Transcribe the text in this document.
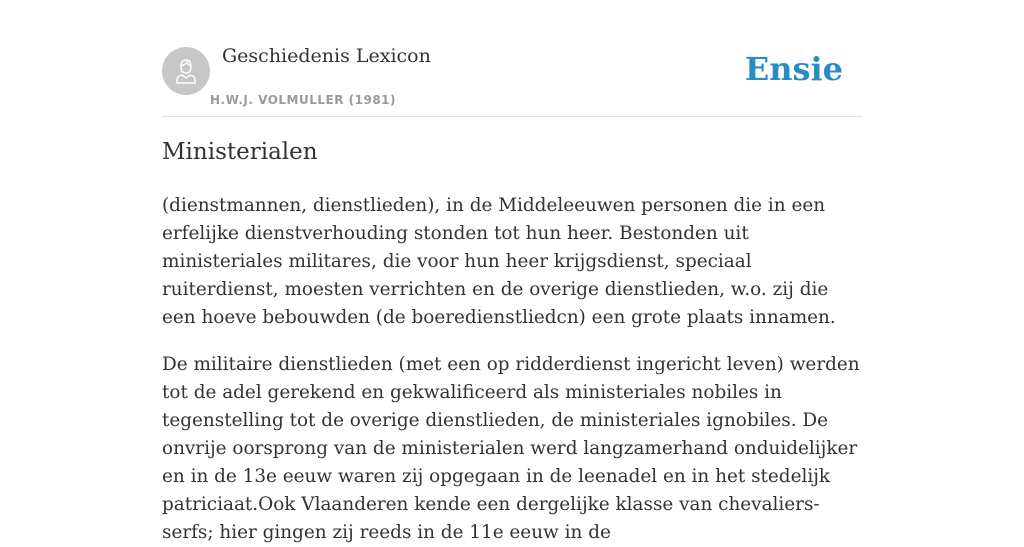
Geschiedenis Lexicon
H.W.J. VOLMULLER (1981)
Ensie
Ministerialen

(dienstmannen, dienstlieden), in de Middeleeuwen personen die in een erfelijke dienstverhouding stonden tot hun heer. Bestonden uit ministeriales militares, die voor hun heer krijgsdienst, speciaal ruiterdienst, moesten verrichten en de overige dienstlieden, w.o. zij die een hoeve bebouwden (de boeredienstliedcn) een grote plaats innamen.

De militaire dienstlieden (met een op ridderdienst ingericht leven) werden tot de adel gerekend en gekwalificeerd als ministeriales nobiles in tegenstelling tot de overige dienstlieden, de ministeriales ignobiles. De onvrije oorsprong van de ministerialen werd langzamerhand onduidelijker en in de 13e eeuw waren zij opgegaan in de leenadel en in het stedelijk patriciaat.Ook Vlaanderen kende een dergelijke klasse van chevaliers-serfs; hier gingen zij reeds in de 11e eeuw in de
